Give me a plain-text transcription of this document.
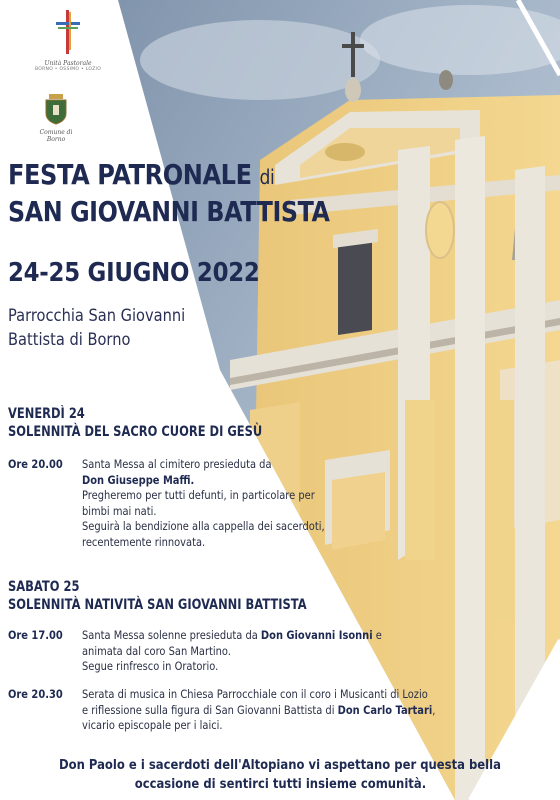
Unità Pastorale
BORNO • OSSIMO • LOZIO
Comune di
Borno
FESTA PATRONALE di
SAN GIOVANNI BATTISTA
24-25 GIUGNO 2022
Parrocchia San Giovanni
Battista di Borno
VENERDÌ 24
SOLENNITÀ DEL SACRO CUORE DI GESÙ
Ore 20.00 Santa Messa al cimitero presieduta da
Don Giuseppe Maffi.
Pregheremo per tutti defunti, in particolare per
bimbi mai nati.
Seguirà la bendizione alla cappella dei sacerdoti,
recentemente rinnovata.
SABATO 25
SOLENNITÀ NATIVITÀ SAN GIOVANNI BATTISTA
Ore 17.00 Santa Messa solenne presieduta da Don Giovanni Isonni e
animata dal coro San Martino.
Segue rinfresco in Oratorio.
Ore 20.30 Serata di musica in Chiesa Parrocchiale con il coro i Musicanti di Lozio
e riflessione sulla figura di San Giovanni Battista di Don Carlo Tartari,
vicario episcopale per i laici.
Don Paolo e i sacerdoti dell'Altopiano vi aspettano per questa bella
occasione di sentirci tutti insieme comunità.
